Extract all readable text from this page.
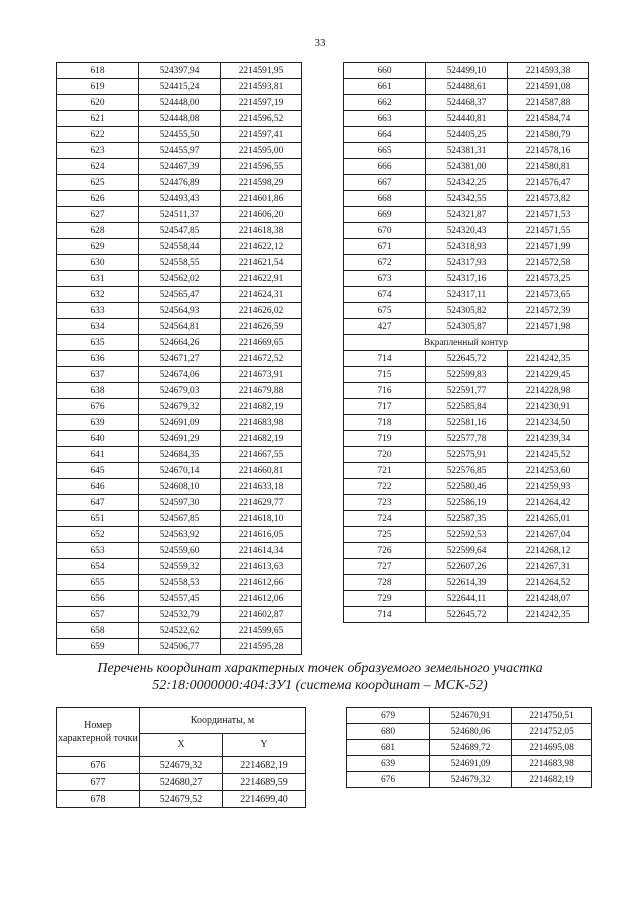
33
618	524397,94	2214591,95
619	524415,24	2214593,81
620	524448,00	2214597,19
621	524448,08	2214596,52
622	524455,50	2214597,41
623	524455,97	2214595,00
624	524467,39	2214596,55
625	524476,89	2214598,29
626	524493,43	2214601,86
627	524511,37	2214606,20
628	524547,85	2214618,38
629	524558,44	2214622,12
630	524558,55	2214621,54
631	524562,02	2214622,91
632	524565,47	2214624,31
633	524564,93	2214626,02
634	524564,81	2214626,59
635	524664,26	2214669,65
636	524671,27	2214672,52
637	524674,06	2214673,91
638	524679,03	2214679,88
676	524679,32	2214682,19
639	524691,09	2214683,98
640	524691,29	2214682,19
641	524684,35	2214667,55
645	524670,14	2214660,81
646	524608,10	2214633,18
647	524597,30	2214629,77
651	524567,85	2214618,10
652	524563,92	2214616,05
653	524559,60	2214614,34
654	524559,32	2214613,63
655	524558,53	2214612,66
656	524557,45	2214612,06
657	524532,79	2214602,87
658	524522,62	2214599,65
659	524506,77	2214595,28
660	524499,10	2214593,38
661	524488,61	2214591,08
662	524468,37	2214587,88
663	524440,81	2214584,74
664	524405,25	2214580,79
665	524381,31	2214578,16
666	524381,00	2214580,81
667	524342,25	2214576,47
668	524342,55	2214573,82
669	524321,87	2214571,53
670	524320,43	2214571,55
671	524318,93	2214571,99
672	524317,93	2214572,58
673	524317,16	2214573,25
674	524317,11	2214573,65
675	524305,82	2214572,39
427	524305,87	2214571,98
Вкрапленный контур		
714	522645,72	2214242,35
715	522599,83	2214229,45
716	522591,77	2214228,98
717	522585,84	2214230,91
718	522581,16	2214234,50
719	522577,78	2214239,34
720	522575,91	2214245,52
721	522576,85	2214253,60
722	522580,46	2214259,93
723	522586,19	2214264,42
724	522587,35	2214265,01
725	522592,53	2214267,04
726	522599,64	2214268,12
727	522607,26	2214267,31
728	522614,39	2214264,52
729	522644,11	2214248,07
714	522645,72	2214242,35
Перечень координат характерных точек образуемого земельного участка
52:18:0000000:404:ЗУ1 (система координат – МСК-52)
Номер характерной точки	Координаты, м	
	X	Y
676	524679,32	2214682,19
677	524680,27	2214689,59
678	524679,52	2214699,40
679	524670,91	2214750,51
680	524680,06	2214752,05
681	524689,72	2214695,08
639	524691,09	2214683,98
676	524679,32	2214682,19
